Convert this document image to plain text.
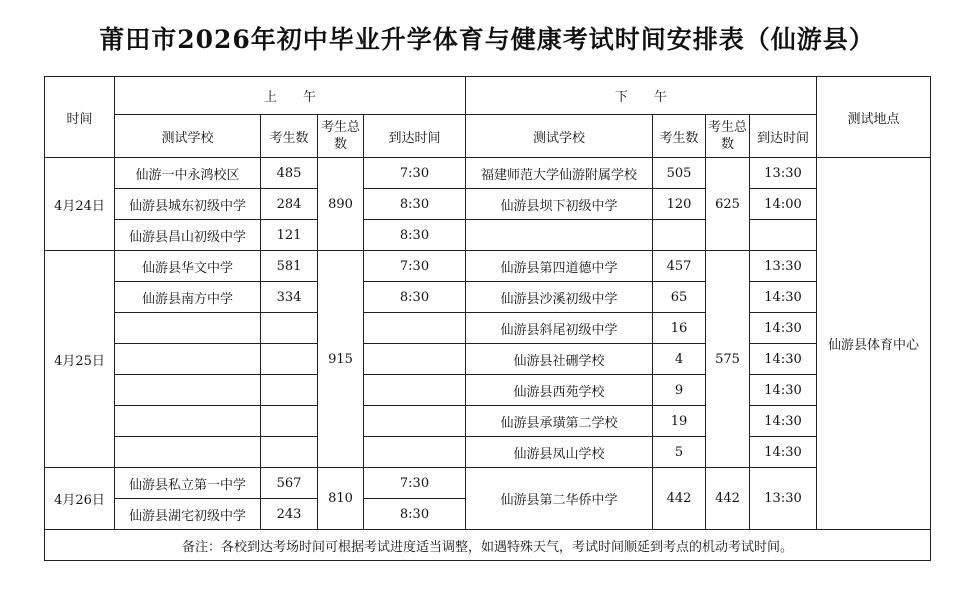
莆田市2026年初中毕业升学体育与健康考试时间安排表（仙游县）
时间	上　　午				下　　午				测试地点
	测试学校	考生数	考生总数	到达时间	测试学校	考生数	考生总数	到达时间	
4月24日	仙游一中永鸿校区	485	890	7:30	福建师范大学仙游附属学校	505	625	13:30	仙游县体育中心
	仙游县城东初级中学	284		8:30	仙游县坝下初级中学	120		14:00	
	仙游县昌山初级中学	121		8:30					
4月25日	仙游县华文中学	581	915	7:30	仙游县第四道德中学	457	575	13:30	
	仙游县南方中学	334		8:30	仙游县沙溪初级中学	65		14:30	
					仙游县斜尾初级中学	16		14:30	
					仙游县社硎学校	4		14:30	
					仙游县西苑学校	9		14:30	
					仙游县承璜第二学校	19		14:30	
					仙游县凤山学校	5		14:30	
4月26日	仙游县私立第一中学	567	810	7:30	仙游县第二华侨中学	442	442	13:30	
	仙游县湖宅初级中学	243		8:30					
备注：各校到达考场时间可根据考试进度适当调整，如遇特殊天气，考试时间顺延到考点的机动考试时间。									
